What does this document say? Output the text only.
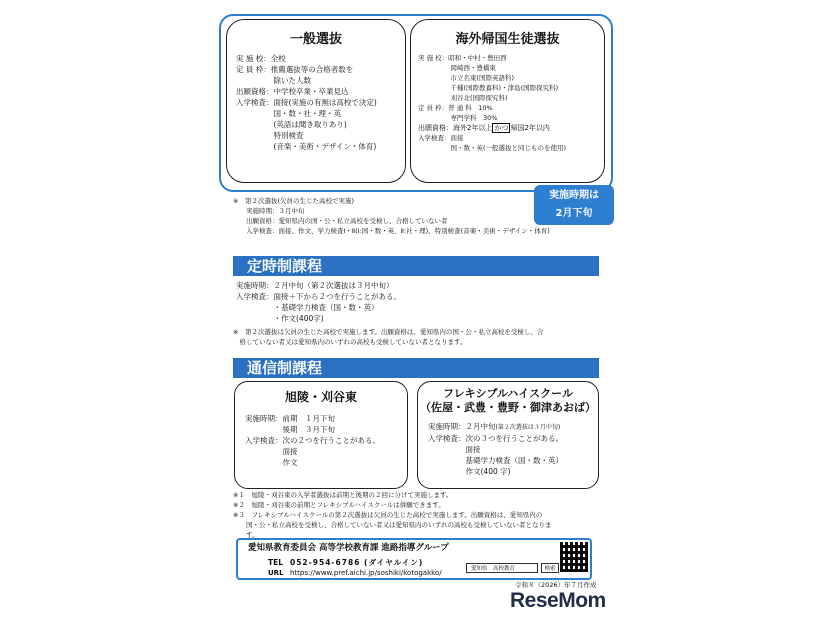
一般選抜
実 施 校：全校
定 員 枠：推薦選抜等の合格者数を
　　　　　除いた人数
出願資格：中学校卒業・卒業見込
入学検査：面接(実施の有無は高校で決定)
　　　　　国・数・社・理・英
　　　　　(英語は聞き取りあり)
　　　　　特別検査
　　　　　(音楽・美術・デザイン・体育)
海外帰国生徒選抜
実 施 校：昭和・中村・豊田西
　　　　　岡崎西・豊橋東
　　　　　市立名東(国際英語科)
　　　　　千種(国際教養科)・津島(国際探究科)
　　　　　刈谷北(国際探究科)
定 員 枠：普 通 科　10%
　　　　　専門学科　30%
出願資格：海外2年以上 かつ 帰国2年以内
入学検査：面接
　　　　　国・数・英(一般選抜と同じものを使用)
実施時期は
2月下旬
※　第２次選抜(欠員の生じた高校で実施)
　　実施時期：３月中旬
　　出願資格：愛知県内の国・公・私立高校を受検し、合格していない者
　　入学検査：面接、作文、学力検査Ⅰ・Ⅱ(Ⅰ:国・数・英、Ⅱ:社・理)、特別検査(音楽・美術・デザイン・体育)
定時制課程
実施時期：２月中旬（第２次選抜は３月中旬）
入学検査：面接＋下から２つを行うことがある。
　　　　　・基礎学力検査（国・数・英）
　　　　　・作文(400字)
※　第２次選抜は欠員の生じた高校で実施します。出願資格は、愛知県内の国・公・私立高校を受検し、合
　格していない者又は愛知県内のいずれの高校も受検していない者となります。
通信制課程
旭陵・刈谷東
実施時期：前期　１月下旬
　　　　　後期　３月下旬
入学検査：次の２つを行うことがある。
　　　　　面接
　　　　　作文
フレキシブルハイスクール
（佐屋・武豊・豊野・御津あおば）
実施時期：２月中旬(第２次選抜は３月中旬)
入学検査：次の３つを行うことがある。
　　　　　面接
　　　　　基礎学力検査（国・数・英）
　　　　　作文(400 字)
※１　旭陵・刈谷東の入学者選抜は前期と後期の２回に分けて実施します。
※２　旭陵・刈谷東の前期とフレキシブルハイスクールは併願できます。
※３　フレキシブルハイスクールの第２次選抜は欠員の生じた高校で実施します。出願資格は、愛知県内の
　　国・公・私立高校を受検し、合格していない者又は愛知県内のいずれの高校も受検していない者となりま
　　す。
愛知県教育委員会 高等学校教育課 進路指導グループ
TEL 052-954-6786 (ダイヤルイン)
URL https://www.pref.aichi.jp/soshiki/kotogakko/	愛知県　高校教育	検索
令和８（2026）年７月作成
ReseMom
